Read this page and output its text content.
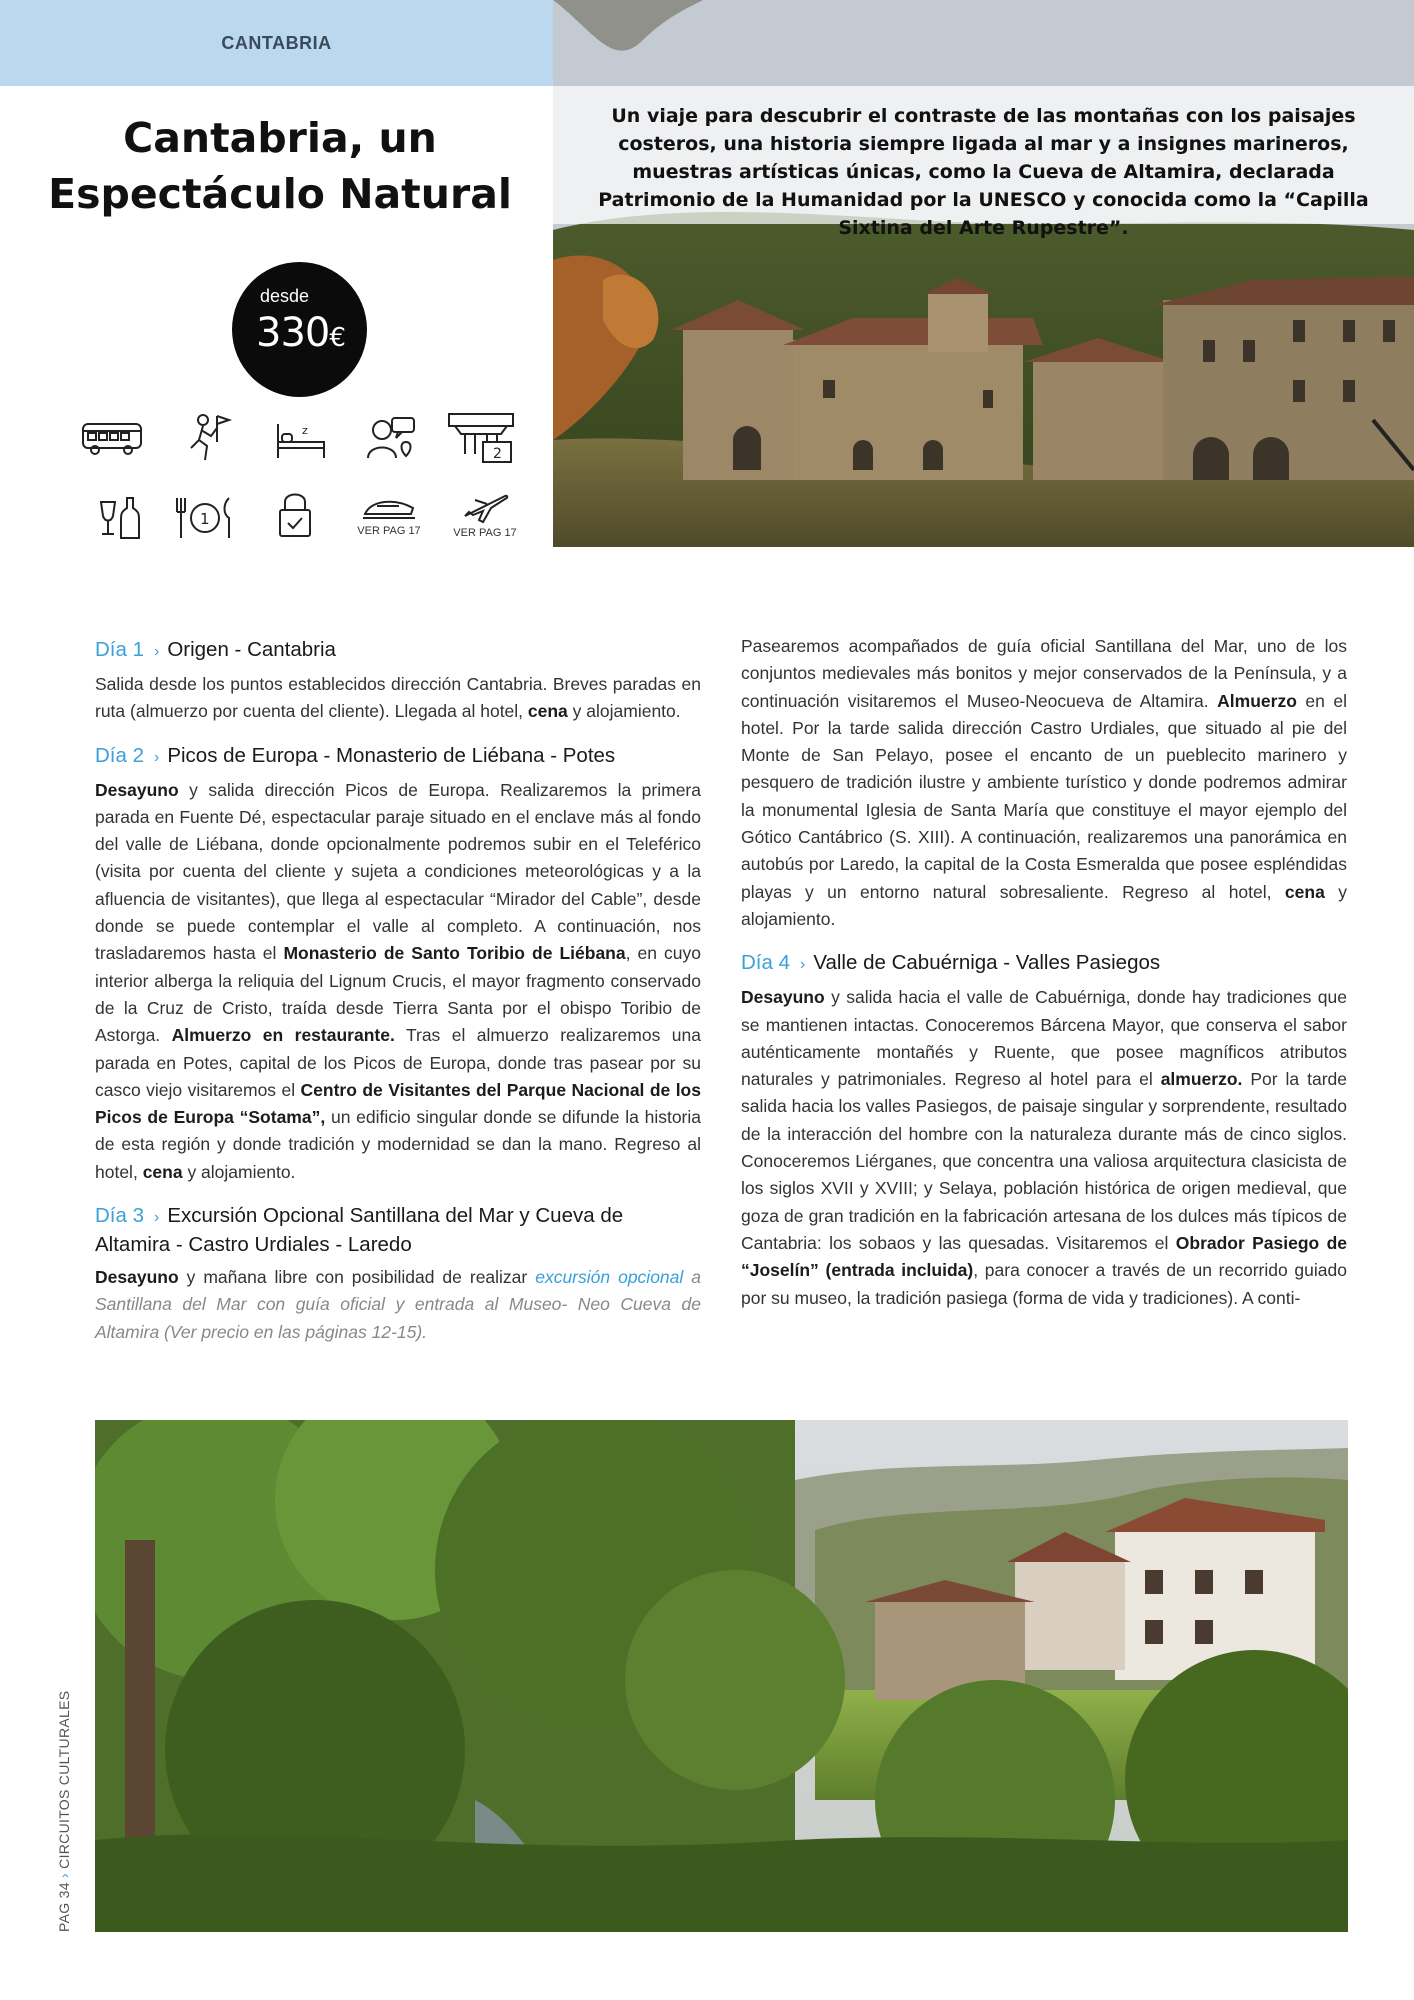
CANTABRIA
Cantabria, un
Espectáculo Natural
desde
330€
z
2
1
VER PAG 17	VER PAG 17
Un viaje para descubrir el contraste de las montañas con los paisajes costeros, una historia siempre ligada al mar y a insignes marineros, muestras artísticas únicas, como la Cueva de Altamira, declarada Patrimonio de la Humanidad por la UNESCO y conocida como la “Capilla Sixtina del Arte Rupestre”.
Día 1 › Origen - Cantabria

Salida desde los puntos establecidos dirección Cantabria. Breves paradas en ruta (almuerzo por cuenta del cliente). Llegada al hotel, cena y alojamiento.

Día 2 › Picos de Europa - Monasterio de Liébana - Potes

Desayuno y salida dirección Picos de Europa. Realizaremos la primera parada en Fuente Dé, espectacular paraje situado en el enclave más al fondo del valle de Liébana, donde opcionalmente podremos subir en el Teleférico (visita por cuenta del cliente y sujeta a condiciones meteorológicas y a la afluencia de visitantes), que llega al espectacular “Mirador del Cable”, desde donde se puede contemplar el valle al completo. A continuación, nos trasladaremos hasta el Monasterio de Santo Toribio de Liébana, en cuyo interior alberga la reliquia del Lignum Crucis, el mayor fragmento conservado de la Cruz de Cristo, traída desde Tierra Santa por el obispo Toribio de Astorga. Almuerzo en restaurante. Tras el almuerzo realizaremos una parada en Potes, capital de los Picos de Europa, donde tras pasear por su casco viejo visitaremos el Centro de Visitantes del Parque Nacional de los Picos de Europa “Sotama”, un edificio singular donde se difunde la historia de esta región y donde tradición y modernidad se dan la mano. Regreso al hotel, cena y alojamiento.

Día 3 › Excursión Opcional Santillana del Mar y Cueva de Altamira - Castro Urdiales - Laredo

Desayuno y mañana libre con posibilidad de realizar excursión opcional a Santillana del Mar con guía oficial y entrada al Museo- Neo Cueva de Altamira (Ver precio en las páginas 12-15).

Pasearemos acompañados de guía oficial Santillana del Mar, uno de los conjuntos medievales más bonitos y mejor conservados de la Península, y a continuación visitaremos el Museo-Neocueva de Altamira. Almuerzo en el hotel. Por la tarde salida dirección Castro Urdiales, que situado al pie del Monte de San Pelayo, posee el encanto de un pueblecito marinero y pesquero de tradición ilustre y ambiente turístico y donde podremos admirar la monumental Iglesia de Santa María que constituye el mayor ejemplo del Gótico Cantábrico (S. XIII). A continuación, realizaremos una panorámica en autobús por Laredo, la capital de la Costa Esmeralda que posee espléndidas playas y un entorno natural sobresaliente. Regreso al hotel, cena y alojamiento.

Día 4 › Valle de Cabuérniga - Valles Pasiegos

Desayuno y salida hacia el valle de Cabuérniga, donde hay tradiciones que se mantienen intactas. Conoceremos Bárcena Mayor, que conserva el sabor auténticamente montañés y Ruente, que posee magníficos atributos naturales y patrimoniales. Regreso al hotel para el almuerzo. Por la tarde salida hacia los valles Pasiegos, de paisaje singular y sorprendente, resultado de la interacción del hombre con la naturaleza durante más de cinco siglos. Conoceremos Liérganes, que concentra una valiosa arquitectura clasicista de los siglos XVII y XVIII; y Selaya, población histórica de origen medieval, que goza de gran tradición en la fabricación artesana de los dulces más típicos de Cantabria: los sobaos y las quesadas. Visitaremos el Obrador Pasiego de “Joselín” (entrada incluida), para conocer a través de un recorrido guiado por su museo, la tradición pasiega (forma de vida y tradiciones). A conti-

PAG 34 › CIRCUITOS CULTURALES
